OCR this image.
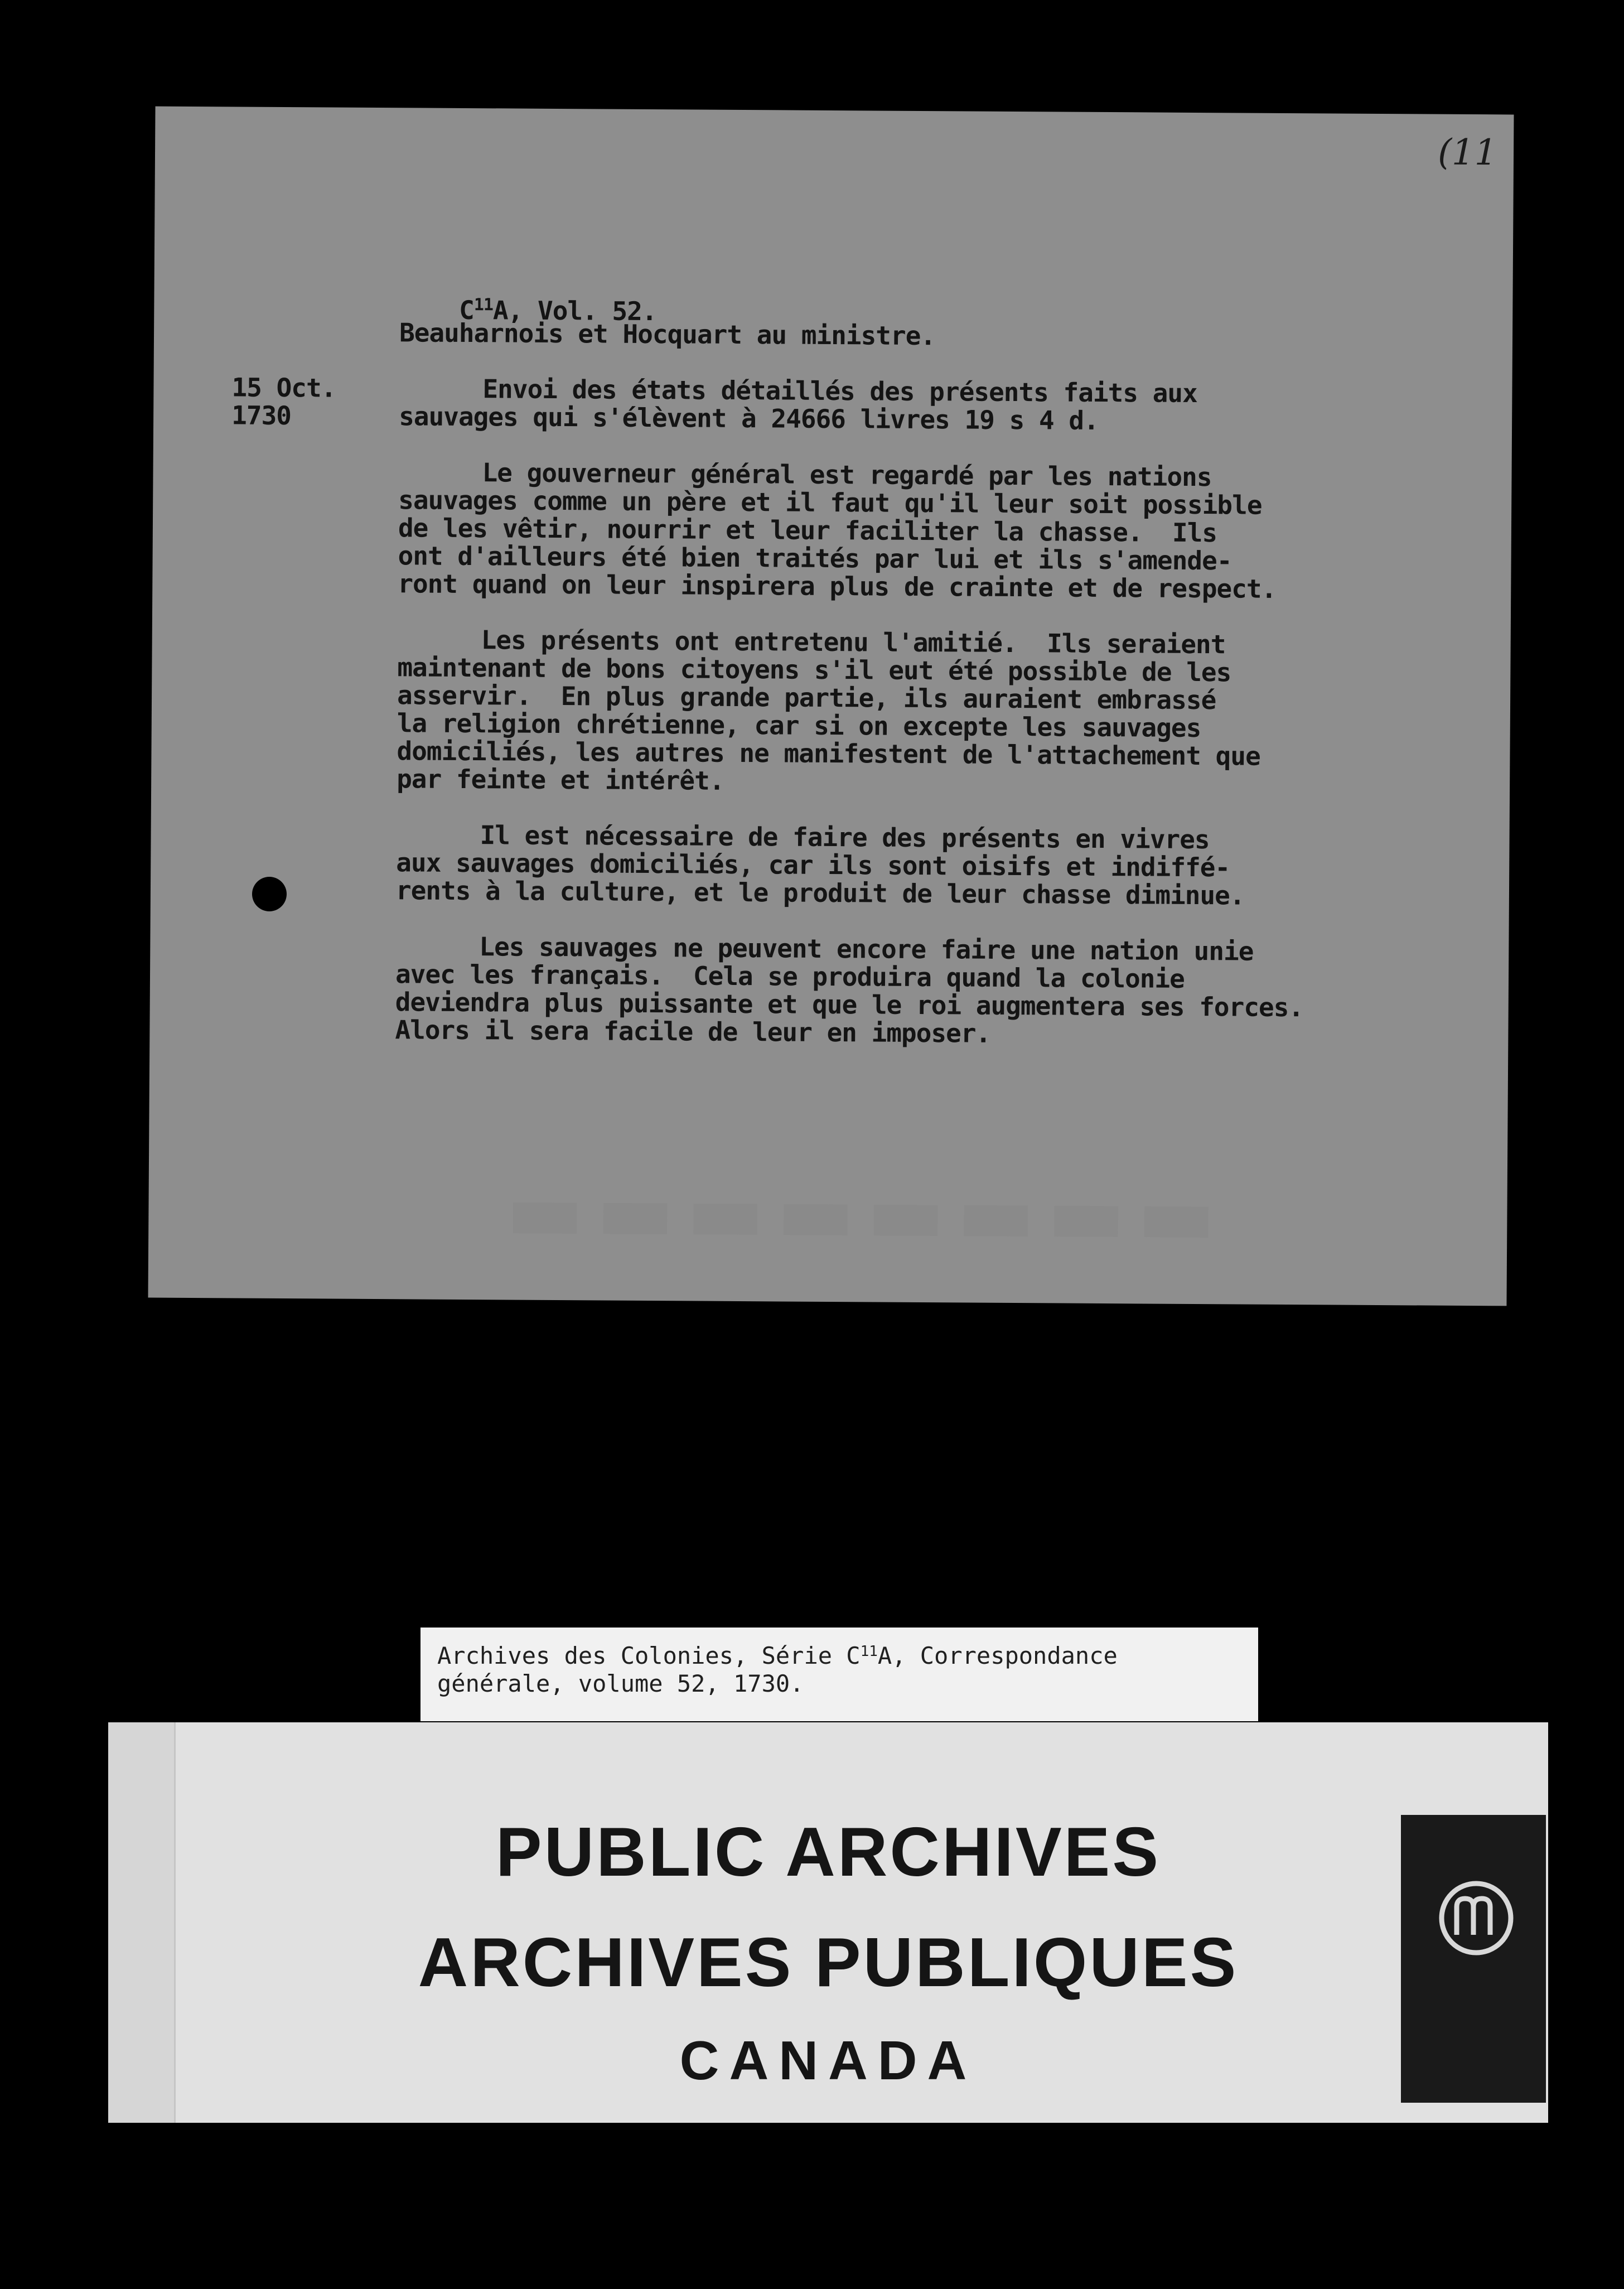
(11

$C^{11}A$, Vol. 52.

Beauharnois et Hocquart au ministre.
15 Oct.
1730
Envoi des états détaillés des présents faits aux
sauvages qui s'élèvent à 24666 livres 19 s 4 d.
Le gouverneur général est regardé par les nations
sauvages comme un père et il faut qu'il leur soit possible
de les vêtir, nourrir et leur faciliter la chasse.  Ils
ont d'ailleurs été bien traités par lui et ils s'amende-
ront quand on leur inspirera plus de crainte et de respect.
Les présents ont entretenu l'amitié.  Ils seraient
maintenant de bons citoyens s'il eut été possible de les
asservir.  En plus grande partie, ils auraient embrassé
la religion chrétienne, car si on excepte les sauvages
domiciliés, les autres ne manifestent de l'attachement que
par feinte et intérêt.
Il est nécessaire de faire des présents en vivres
aux sauvages domiciliés, car ils sont oisifs et indiffé-
rents à la culture, et le produit de leur chasse diminue.
Les sauvages ne peuvent encore faire une nation unie
avec les français.  Cela se produira quand la colonie
deviendra plus puissante et que le roi augmentera ses forces.
Alors il sera facile de leur en imposer.
▬▬▬▬▬▬▬▬
Archives des Colonies, Série $C^{11}A$, Correspondance
générale, volume 52, 1730.
PUBLIC ARCHIVES
ARCHIVES PUBLIQUES
CANADA
